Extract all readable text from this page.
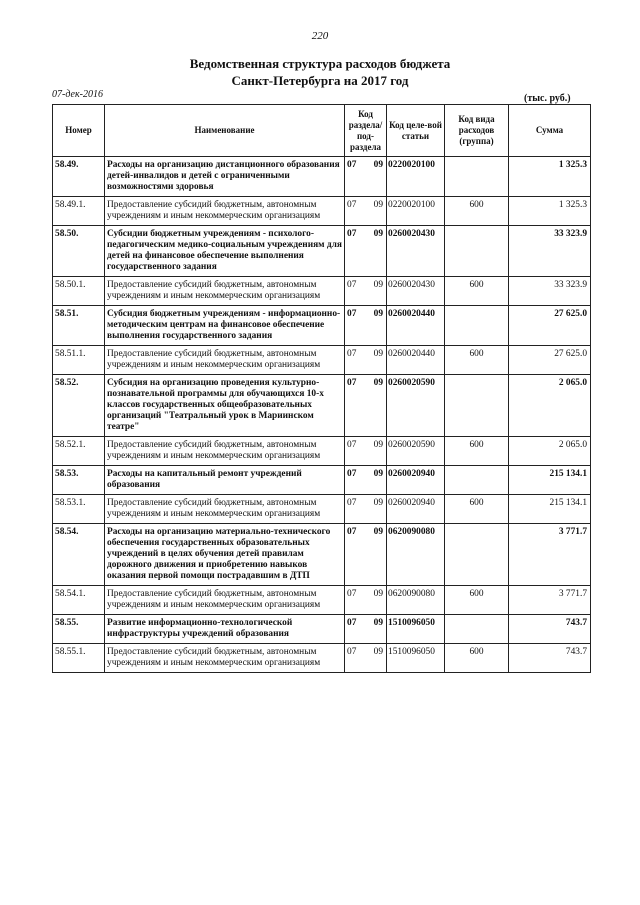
220
Ведомственная структура расходов бюджета
Санкт-Петербурга на 2017 год
07-дек-2016	(тыс. руб.)
Номер	Наименование	Код раздела/ под-раздела		Код целе-вой статьи	Код вида расходов (группа)	Сумма
58.49.	Расходы на организацию дистанционного образования детей-инвалидов и детей с ограниченными возможностями здоровья	07	09	0220020100		1 325.3
58.49.1.	Предоставление субсидий бюджетным, автономным учреждениям и иным некоммерческим организациям	07	09	0220020100	600	1 325.3
58.50.	Субсидии бюджетным учреждениям - психолого-педагогическим медико-социальным учреждениям для детей на финансовое обеспечение выполнения государственного задания	07	09	0260020430		33 323.9
58.50.1.	Предоставление субсидий бюджетным, автономным учреждениям и иным некоммерческим организациям	07	09	0260020430	600	33 323.9
58.51.	Субсидия бюджетным учреждениям - информационно-методическим центрам на финансовое обеспечение выполнения государственного задания	07	09	0260020440		27 625.0
58.51.1.	Предоставление субсидий бюджетным, автономным учреждениям и иным некоммерческим организациям	07	09	0260020440	600	27 625.0
58.52.	Субсидия на организацию проведения культурно-познавательной программы для обучающихся 10-х классов государственных общеобразовательных организаций "Театральный урок в Мариинском театре"	07	09	0260020590		2 065.0
58.52.1.	Предоставление субсидий бюджетным, автономным учреждениям и иным некоммерческим организациям	07	09	0260020590	600	2 065.0
58.53.	Расходы на капитальный ремонт учреждений образования	07	09	0260020940		215 134.1
58.53.1.	Предоставление субсидий бюджетным, автономным учреждениям и иным некоммерческим организациям	07	09	0260020940	600	215 134.1
58.54.	Расходы на организацию материально-технического обеспечения государственных образовательных учреждений в целях обучения детей правилам дорожного движения и приобретению навыков оказания первой помощи пострадавшим в ДТП	07	09	0620090080		3 771.7
58.54.1.	Предоставление субсидий бюджетным, автономным учреждениям и иным некоммерческим организациям	07	09	0620090080	600	3 771.7
58.55.	Развитие информационно-технологической инфраструктуры учреждений образования	07	09	1510096050		743.7
58.55.1.	Предоставление субсидий бюджетным, автономным учреждениям и иным некоммерческим организациям	07	09	1510096050	600	743.7
